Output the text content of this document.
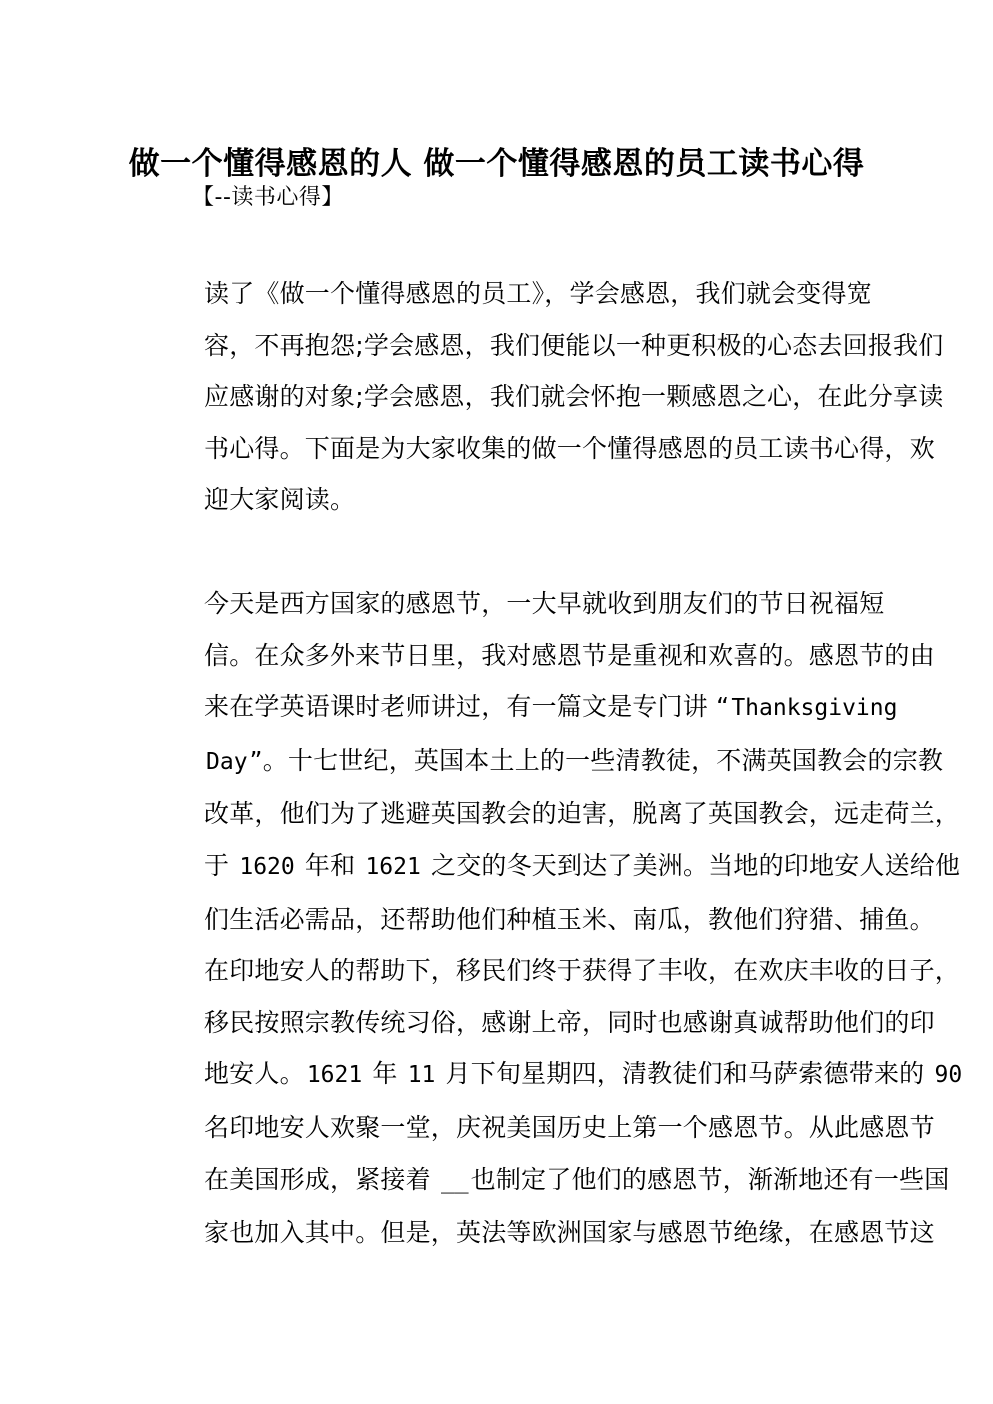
做一个懂得感恩的人 做一个懂得感恩的员工读书心得
【--读书心得】

读了《做一个懂得感恩的员工》，学会感恩，我们就会变得宽
容，不再抱怨;学会感恩，我们便能以一种更积极的心态去回报我们
应感谢的对象;学会感恩，我们就会怀抱一颗感恩之心，在此分享读
书心得。下面是为大家收集的做一个懂得感恩的员工读书心得，欢
迎大家阅读。

今天是西方国家的感恩节，一大早就收到朋友们的节日祝福短
信。在众多外来节日里，我对感恩节是重视和欢喜的。感恩节的由
来在学英语课时老师讲过，有一篇文是专门讲 “Thanksgiving
Day”。十七世纪，英国本土上的一些清教徒，不满英国教会的宗教
改革，他们为了逃避英国教会的迫害，脱离了英国教会，远走荷兰，
于 1620 年和 1621 之交的冬天到达了美洲。当地的印地安人送给他
们生活必需品，还帮助他们种植玉米、南瓜，教他们狩猎、捕鱼。
在印地安人的帮助下，移民们终于获得了丰收，在欢庆丰收的日子，
移民按照宗教传统习俗，感谢上帝，同时也感谢真诚帮助他们的印
地安人。1621 年 11 月下旬星期四，清教徒们和马萨索德带来的 90
名印地安人欢聚一堂，庆祝美国历史上第一个感恩节。从此感恩节
在美国形成，紧接着 __也制定了他们的感恩节，渐渐地还有一些国
家也加入其中。但是，英法等欧洲国家与感恩节绝缘，在感恩节这
